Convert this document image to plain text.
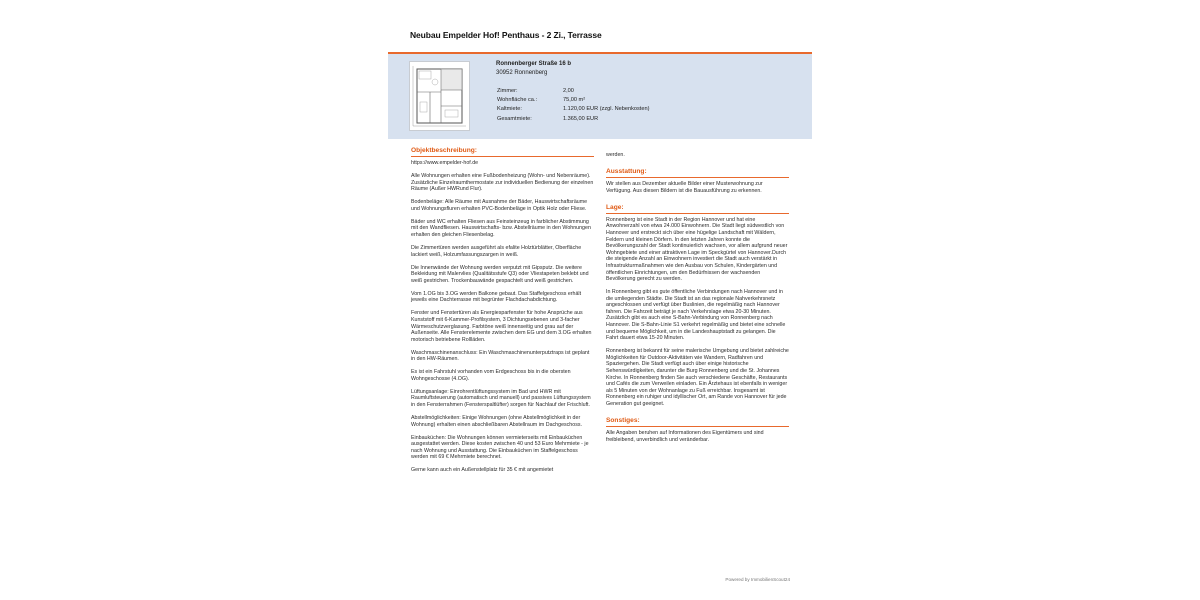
Neubau Empelder Hof! Penthaus - 2 Zi., Terrasse
Ronnenberger Straße 16 b
30952 Ronnenberg
Zimmer:	2,00
Wohnfläche ca.:	75,00 m²
Kaltmiete:	1.120,00 EUR (zzgl. Nebenkosten)
Gesamtmiete:	1.365,00 EUR
Objektbeschreibung:

https://www.empelder-hof.de

Alle Wohnungen erhalten eine Fußbodenheizung (Wohn- und Nebenräume). Zusätzliche Einzelraumthermostate zur individuellen Bedienung der einzelnen Räume (Außer HWRund Flur).

Bodenbeläge: Alle Räume mit Ausnahme der Bäder, Hauswirtschaftsräume und Wohnungsfluren erhalten PVC-Bodenbeläge in Optik Holz oder Fliese.

Bäder und WC erhalten Fliesen aus Feinsteinzeug in farblicher Abstimmung mit den Wandfliesen. Hauswirtschafts- bzw. Abstellräume in den Wohnungen erhalten den gleichen Fliesenbelag.

Die Zimmertüren werden ausgeführt als efalite Holztürblätter, Oberfläche lackiert weiß, Holzumfassungszargen in weiß.

Die Innenwände der Wohnung werden verputzt mit Gipsputz. Die weitere Bekleidung mit Malervlies (Qualitätsstufe Q3) oder Vliestapeten beklebt und weiß gestrichen. Trockenbauwände gespachtelt und weiß gestrichen.

Vom 1.OG bis 3.OG werden Balkone gebaut. Das Staffelgeschoss erhält jeweils eine Dachterrasse mit begrünter Flachdachabdichtung.

Fenster und Fenstertüren als Energiesparfenster für hohe Ansprüche aus Kunststoff mit 6-Kammer-Profilsystem, 3 Dichtungsebenen und 3-facher Wärmeschutzverglasung. Farbtöne weiß innenseitig und grau auf der Außenseite. Alle Fensterelemente zwischen dem EG und dem 3.OG erhalten motorisch betriebene Rollläden.

Waschmaschinenanschluss: Ein Waschmaschinenunterputztraps ist geplant in den HW-Räumen.

Es ist ein Fahrstuhl vorhanden vom Erdgeschoss bis in die obersten Wohngeschosse (4.OG).

Lüftungsanlage: Einrohrentlüftungssystem im Bad und HWR mit Raumluftsteuerung (automatisch und manuell) und passives Lüftungssystem in den Fensterrahmen (Fensterspaltlüfter) sorgen für Nachlauf der Frischluft.

Abstellmöglichkeiten: Einige Wohnungen (ohne Abstellmöglichkeit in der Wohnung) erhalten einen abschließbaren Abstellraum im Dachgeschoss.

Einbauküchen: Die Wohnungen können vermieterseits mit Einbauküchen ausgestattet werden. Diese kosten zwischen 40 und 53 Euro Mehrmiete - je nach Wohnung und Ausstattung. Die Einbauküchen im Staffelgeschoss werden mit 69 € Mehrmiete berechnet.

Gerne kann auch ein Außenstellplatz für 35 € mit angemietet

werden.

Ausstattung:

Wir stellen aus Dezember aktuelle Bilder einer Musterwohnung zur Verfügung. Aus diesen Bildern ist die Bauausführung zu erkennen.

Lage:

Ronnenberg ist eine Stadt in der Region Hannover und hat eine Anwohnerzahl von etwa 24.000 Einwohnern. Die Stadt liegt südwestlich von Hannover und erstreckt sich über eine hügelige Landschaft mit Wäldern, Feldern und kleinen Dörfern. In den letzten Jahren konnte die Bevölkerungszahl der Stadt kontinuierlich wachsen, vor allem aufgrund neuer Wohngebiete und einer attraktiven Lage im Speckgürtel von Hannover.Durch die steigende Anzahl an Einwohnern investiert die Stadt auch verstärkt in Infrastrukturmaßnahmen wie den Ausbau von Schulen, Kindergärten und öffentlichen Einrichtungen, um den Bedürfnissen der wachsenden Bevölkerung gerecht zu werden.

In Ronnenberg gibt es gute öffentliche Verbindungen nach Hannover und in die umliegenden Städte. Die Stadt ist an das regionale Nahverkehrsnetz angeschlossen und verfügt über Buslinien, die regelmäßig nach Hannover fahren. Die Fahrzeit beträgt je nach Verkehrslage etwa 20-30 Minuten. Zusätzlich gibt es auch eine S-Bahn-Verbindung von Ronnenberg nach Hannover. Die S-Bahn-Linie S1 verkehrt regelmäßig und bietet eine schnelle und bequeme Möglichkeit, um in die Landeshauptstadt zu gelangen. Die Fahrt dauert etwa 15-20 Minuten.

Ronnenberg ist bekannt für seine malerische Umgebung und bietet zahlreiche Möglichkeiten für Outdoor-Aktivitäten wie Wandern, Radfahren und Spaziergehen. Die Stadt verfügt auch über einige historische Sehenswürdigkeiten, darunter die Burg Ronnenberg und die St. Johannes Kirche. In Ronnenberg finden Sie auch verschiedene Geschäfte, Restaurants und Cafés die zum Verweilen einladen. Ein Ärztehaus ist ebenfalls in weniger als 5 Minuten von der Wohnanlage zu Fuß erreichbar. Insgesamt ist Ronnenberg ein ruhiger und idyllischer Ort, am Rande von Hannover für jede Generation gut geeignet.

Sonstiges:

Alle Angaben beruhen auf Informationen des Eigentümers und sind freibleibend, unverbindlich und veränderbar.

Powered by ImmobilienScout24
